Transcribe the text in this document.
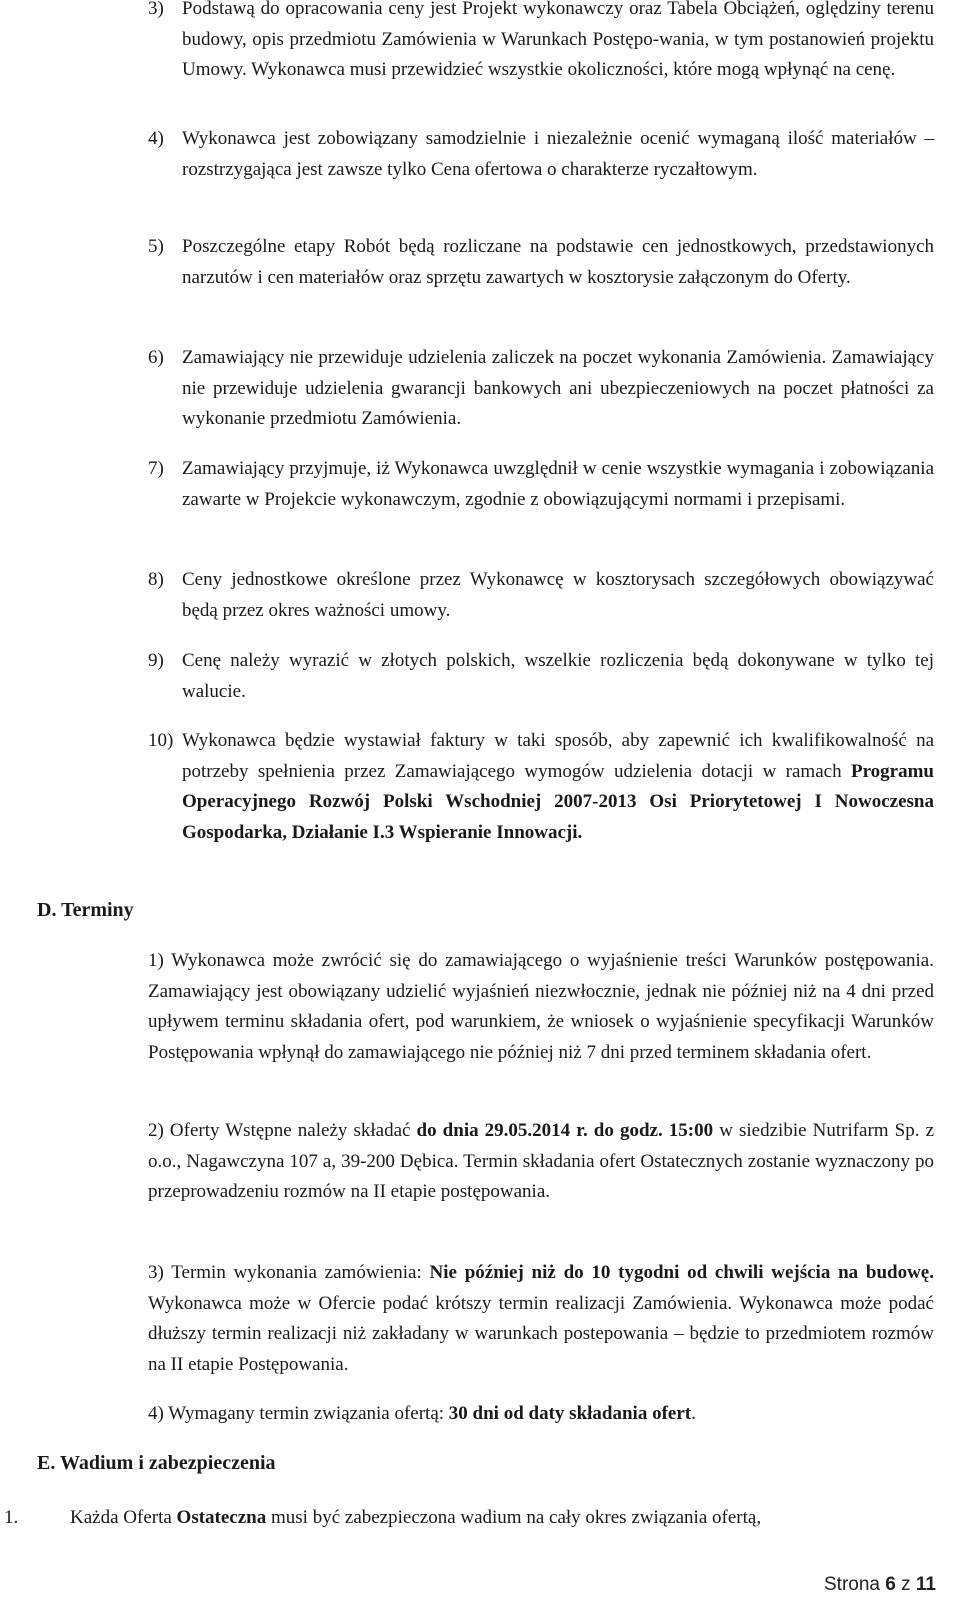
3) Podstawą do opracowania ceny jest Projekt wykonawczy oraz Tabela Obciążeń, oględziny terenu budowy, opis przedmiotu Zamówienia w Warunkach Postępo-wania, w tym postanowień projektu Umowy. Wykonawca musi przewidzieć wszystkie okoliczności, które mogą wpłynąć na cenę.
4) Wykonawca jest zobowiązany samodzielnie i niezależnie ocenić wymaganą ilość materiałów – rozstrzygająca jest zawsze tylko Cena ofertowa o charakterze ryczałtowym.
5) Poszczególne etapy Robót będą rozliczane na podstawie cen jednostkowych, przedstawionych narzutów i cen materiałów oraz sprzętu zawartych w kosztorysie załączonym do Oferty.
6) Zamawiający nie przewiduje udzielenia zaliczek na poczet wykonania Zamówienia. Zamawiający nie przewiduje udzielenia gwarancji bankowych ani ubezpieczeniowych na poczet płatności za wykonanie przedmiotu Zamówienia.
7) Zamawiający przyjmuje, iż Wykonawca uwzględnił w cenie wszystkie wymagania i zobowiązania zawarte w Projekcie wykonawczym, zgodnie z obowiązującymi normami i przepisami.
8) Ceny jednostkowe określone przez Wykonawcę w kosztorysach szczegółowych obowiązywać będą przez okres ważności umowy.
9) Cenę należy wyrazić w złotych polskich, wszelkie rozliczenia będą dokonywane w tylko tej walucie.
10) Wykonawca będzie wystawiał faktury w taki sposób, aby zapewnić ich kwalifikowalność na potrzeby spełnienia przez Zamawiającego wymogów udzielenia dotacji w ramach Programu Operacyjnego Rozwój Polski Wschodniej 2007-2013 Osi Priorytetowej I Nowoczesna Gospodarka, Działanie I.3 Wspieranie Innowacji.
D. Terminy
1) Wykonawca może zwrócić się do zamawiającego o wyjaśnienie treści Warunków postępowania. Zamawiający jest obowiązany udzielić wyjaśnień niezwłocznie, jednak nie później niż na 4 dni przed upływem terminu składania ofert, pod warunkiem, że wniosek o wyjaśnienie specyfikacji Warunków Postępowania wpłynął do zamawiającego nie później niż 7 dni przed terminem składania ofert.
2) Oferty Wstępne należy składać do dnia 29.05.2014 r. do godz. 15:00 w siedzibie Nutrifarm Sp. z o.o., Nagawczyna 107 a, 39-200 Dębica. Termin składania ofert Ostatecznych zostanie wyznaczony po przeprowadzeniu rozmów na II etapie postępowania.
3) Termin wykonania zamówienia: Nie później niż do 10 tygodni od chwili wejścia na budowę. Wykonawca może w Ofercie podać krótszy termin realizacji Zamówienia. Wykonawca może podać dłuższy termin realizacji niż zakładany w warunkach postepowania – będzie to przedmiotem rozmów na II etapie Postępowania.
4) Wymagany termin związania ofertą: 30 dni od daty składania ofert.
E. Wadium i zabezpieczenia
1.	Każda Oferta Ostateczna musi być zabezpieczona wadium na cały okres związania ofertą,
Strona 6 z 11
